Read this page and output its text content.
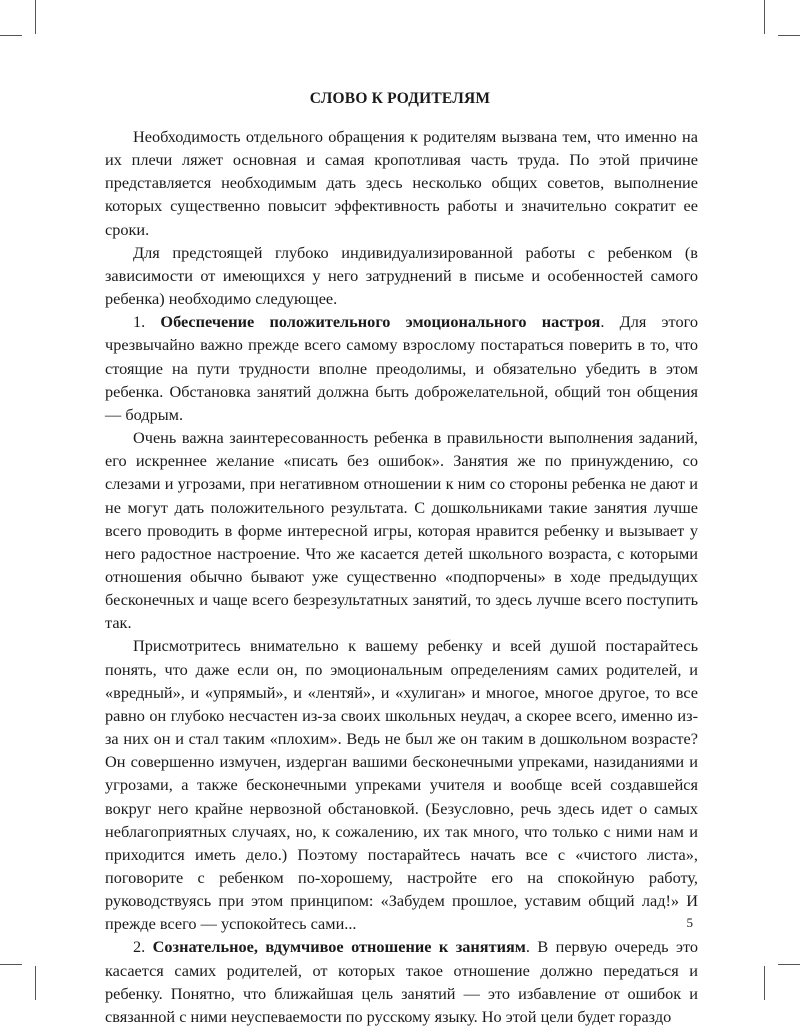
СЛОВО К РОДИТЕЛЯМ

Необходимость отдельного обращения к родителям вызвана тем, что именно на их плечи ляжет основная и самая кропотливая часть труда. По этой причине представляется необходимым дать здесь несколько общих советов, выполнение которых существенно повысит эффективность работы и значительно сократит ее сроки.

Для предстоящей глубоко индивидуализированной работы с ребенком (в зависимости от имеющихся у него затруднений в письме и особенностей самого ребенка) необходимо следующее.

1. Обеспечение положительного эмоционального настроя. Для этого чрезвычайно важно прежде всего самому взрослому постараться поверить в то, что стоящие на пути трудности вполне преодолимы, и обязательно убедить в этом ребенка. Обстановка занятий должна быть доброжелательной, общий тон общения — бодрым.

Очень важна заинтересованность ребенка в правильности выполнения заданий, его искреннее желание «писать без ошибок». Занятия же по принуждению, со слезами и угрозами, при негативном отношении к ним со стороны ребенка не дают и не могут дать положительного результата. С дошкольниками такие занятия лучше всего проводить в форме интересной игры, которая нравится ребенку и вызывает у него радостное настроение. Что же касается детей школьного возраста, с которыми отношения обычно бывают уже существенно «подпорчены» в ходе предыдущих бесконечных и чаще всего безрезультатных занятий, то здесь лучше всего поступить так.

Присмотритесь внимательно к вашему ребенку и всей душой постарайтесь понять, что даже если он, по эмоциональным определениям самих родителей, и «вредный», и «упрямый», и «лентяй», и «хулиган» и многое, многое другое, то все равно он глубоко несчастен из-за своих школьных неудач, а скорее всего, именно из-за них он и стал таким «плохим». Ведь не был же он таким в дошкольном возрасте? Он совершенно измучен, издерган вашими бесконечными упреками, назиданиями и угрозами, а также бесконечными упреками учителя и вообще всей создавшейся вокруг него крайне нервозной обстановкой. (Безусловно, речь здесь идет о самых неблагоприятных случаях, но, к сожалению, их так много, что только с ними нам и приходится иметь дело.) Поэтому постарайтесь начать все с «чистого листа», поговорите с ребенком по-хорошему, настройте его на спокойную работу, руководствуясь при этом принципом: «Забудем прошлое, уставим общий лад!» И прежде всего — успокойтесь сами...

2. Сознательное, вдумчивое отношение к занятиям. В первую очередь это касается самих родителей, от которых такое отношение должно передаться и ребенку. Понятно, что ближайшая цель занятий — это избавление от ошибок и связанной с ними неуспеваемости по русскому языку. Но этой цели будет гораздо

5
